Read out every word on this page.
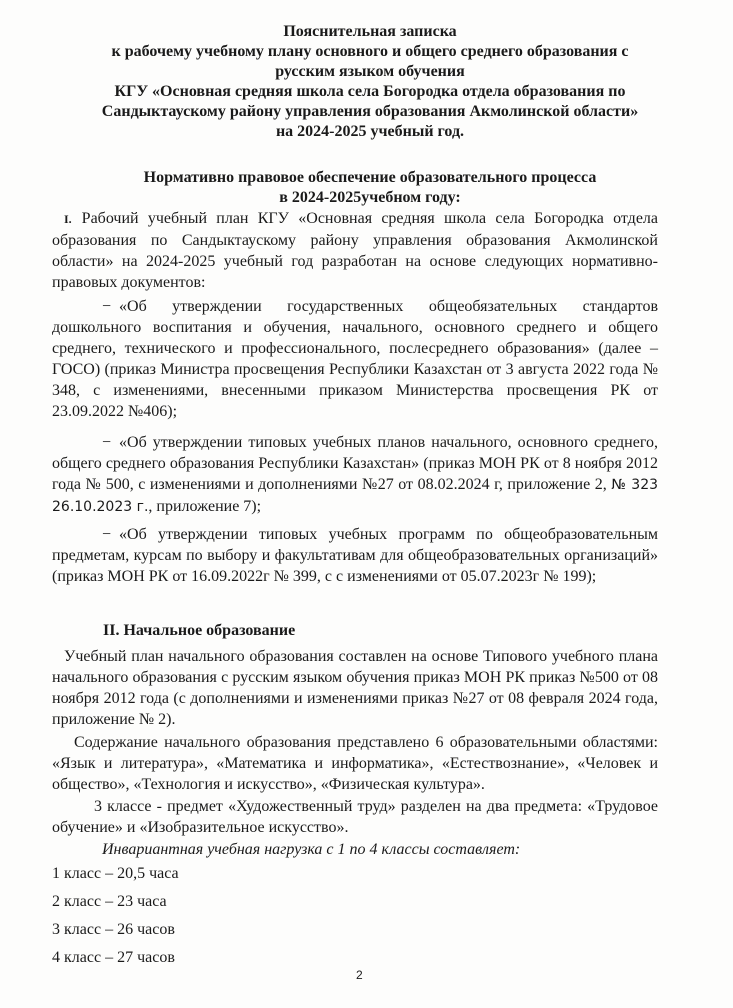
Пояснительная записка
к рабочему учебному плану основного и общего среднего образования с
русским языком обучения
КГУ «Основная средняя школа села Богородка отдела образования по
Сандыктаускому району управления образования Акмолинской области»
на 2024-2025 учебный год.
Нормативно правовое обеспечение образовательного процесса
в 2024-2025учебном году:
I. Рабочий учебный план КГУ «Основная средняя школа села Богородка отдела образования по Сандыктаускому району управления образования Акмолинской области» на 2024-2025 учебный год разработан на основе следующих нормативно- правовых документов:
− «Об утверждении государственных общеобязательных стандартов дошкольного воспитания и обучения, начального, основного среднего и общего среднего, технического и профессионального, послесреднего образования» (далее – ГОСО) (приказ Министра просвещения Республики Казахстан от 3 августа 2022 года № 348, с изменениями, внесенными приказом Министерства просвещения РК от 23.09.2022 №406);
− «Об утверждении типовых учебных планов начального, основного среднего, общего среднего образования Республики Казахстан» (приказ МОН РК от 8 ноября 2012 года № 500, с изменениями и дополнениями №27 от 08.02.2024 г, приложение 2, № 323 26.10.2023 г., приложение 7);
− «Об утверждении типовых учебных программ по общеобразовательным предметам, курсам по выбору и факультативам для общеобразовательных организаций» (приказ МОН РК от 16.09.2022г № 399, с с изменениями от 05.07.2023г № 199);
II. Начальное образование
Учебный план начального образования составлен на основе Типового учебного плана начального образования с русским языком обучения приказ МОН РК приказ №500 от 08 ноября 2012 года (с дополнениями и изменениями приказ №27 от 08 февраля 2024 года, приложение № 2).
Содержание начального образования представлено 6 образовательными областями: «Язык и литература», «Математика и информатика», «Естествознание», «Человек и общество», «Технология и искусство», «Физическая культура».
3 классе - предмет «Художественный труд» разделен на два предмета: «Трудовое обучение» и «Изобразительное искусство».
Инвариантная учебная нагрузка с 1 по 4 классы составляет:
1 класс – 20,5 часа
2 класс – 23 часа
3 класс – 26 часов
4 класс – 27 часов
2
